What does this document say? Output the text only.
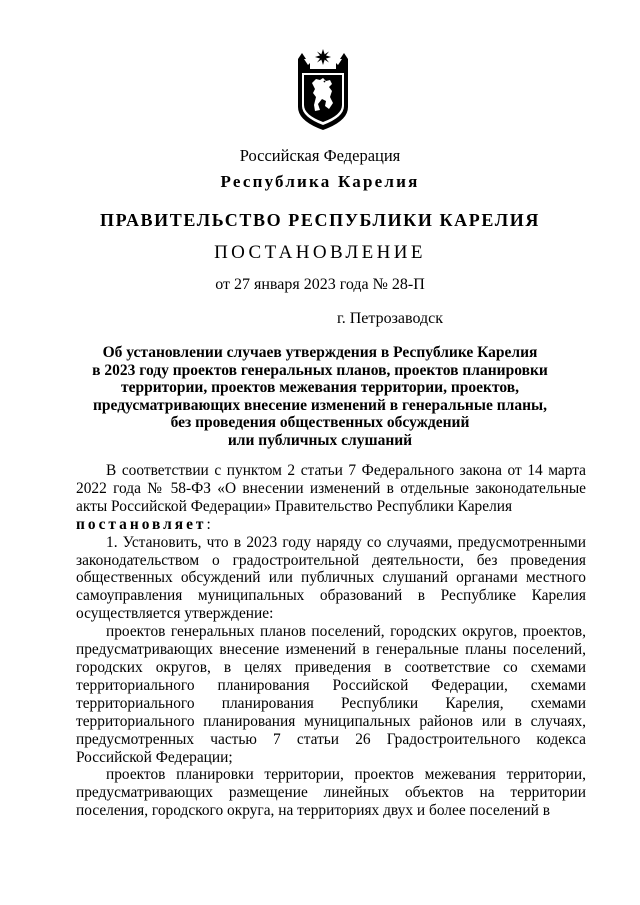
Российская Федерация
Республика Карелия
ПРАВИТЕЛЬСТВО РЕСПУБЛИКИ КАРЕЛИЯ
ПОСТАНОВЛЕНИЕ
от 27 января 2023 года № 28-П
г. Петрозаводск
Об установлении случаев утверждения в Республике Карелия
в 2023 году проектов генеральных планов, проектов планировки
территории, проектов межевания территории, проектов,
предусматривающих внесение изменений в генеральные планы,
без проведения общественных обсуждений
или публичных слушаний

В соответствии с пунктом 2 статьи 7 Федерального закона от 14 марта 2022 года № 58-ФЗ «О внесении изменений в отдельные законодательные акты Российской Федерации» Правительство Республики Карелия

постановляет:

1. Установить, что в 2023 году наряду со случаями, предусмотренными законодательством о градостроительной деятельности, без проведения общественных обсуждений или публичных слушаний органами местного самоуправления муниципальных образований в Республике Карелия осуществляется утверждение:

проектов генеральных планов поселений, городских округов, проектов, предусматривающих внесение изменений в генеральные планы поселений, городских округов, в целях приведения в соответствие со схемами территориального планирования Российской Федерации, схемами территориального планирования Республики Карелия, схемами территориального планирования муниципальных районов или в случаях, предусмотренных частью 7 статьи 26 Градостроительного кодекса Российской Федерации;

проектов планировки территории, проектов межевания территории, предусматривающих размещение линейных объектов на территории поселения, городского округа, на территориях двух и более поселений в
